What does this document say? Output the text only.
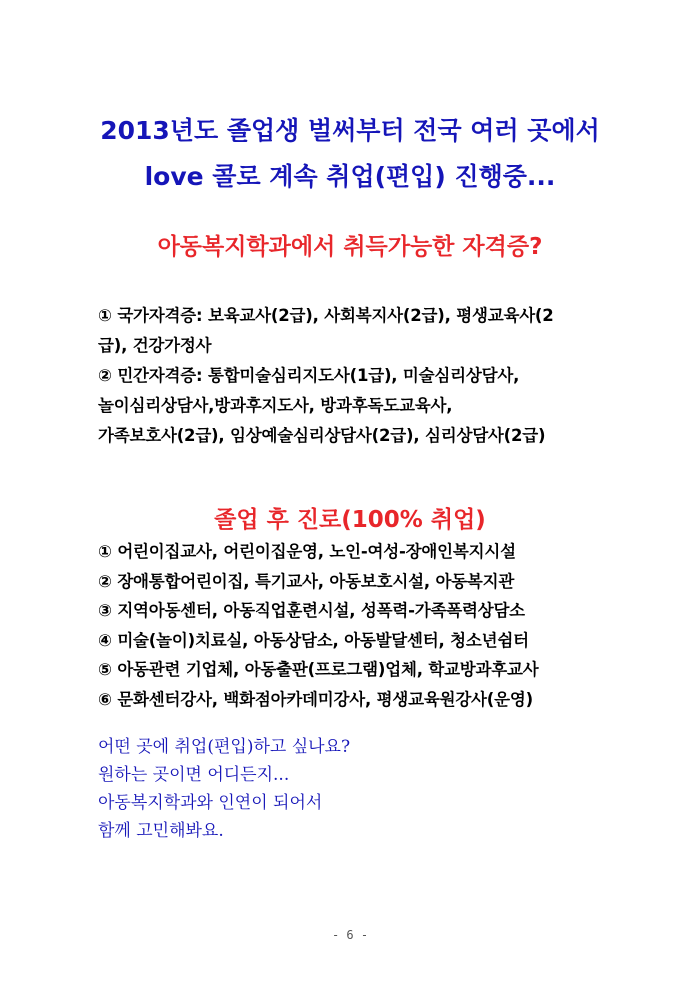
2013년도 졸업생 벌써부터 전국 여러 곳에서
love 콜로 계속 취업(편입) 진행중...
아동복지학과에서 취득가능한 자격증?

① 국가자격증: 보육교사(2급), 사회복지사(2급), 평생교육사(2

급), 건강가정사

② 민간자격증: 통합미술심리지도사(1급), 미술심리상담사,

놀이심리상담사,방과후지도사, 방과후독도교육사,

가족보호사(2급), 임상예술심리상담사(2급), 심리상담사(2급)

졸업 후 진로(100% 취업)
① 어린이집교사, 어린이집운영, 노인-여성-장애인복지시설
② 장애통합어린이집, 특기교사, 아동보호시설, 아동복지관
③ 지역아동센터, 아동직업훈련시설, 성폭력-가족폭력상담소
④ 미술(놀이)치료실, 아동상담소, 아동발달센터, 청소년쉼터
⑤ 아동관련 기업체, 아동출판(프로그램)업체, 학교방과후교사
⑥ 문화센터강사, 백화점아카데미강사, 평생교육원강사(운영)

어떤 곳에 취업(편입)하고 싶나요?

원하는 곳이면 어디든지...

아동복지학과와 인연이 되어서

함께 고민해봐요.

- 6 -
